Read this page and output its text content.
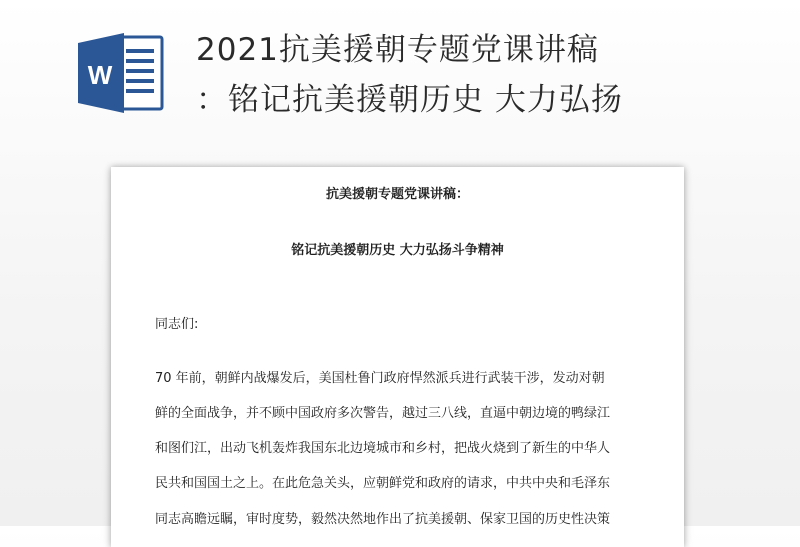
W
2021抗美援朝专题党课讲稿
：铭记抗美援朝历史 大力弘扬
抗美援朝专题党课讲稿：
铭记抗美援朝历史 大力弘扬斗争精神
同志们:
70 年前，朝鲜内战爆发后，美国杜鲁门政府悍然派兵进行武装干涉，发动对朝
鲜的全面战争，并不顾中国政府多次警告，越过三八线，直逼中朝边境的鸭绿江
和图们江，出动飞机轰炸我国东北边境城市和乡村，把战火烧到了新生的中华人
民共和国国土之上。在此危急关头，应朝鲜党和政府的请求，中共中央和毛泽东
同志高瞻远瞩，审时度势，毅然决然地作出了抗美援朝、保家卫国的历史性决策
